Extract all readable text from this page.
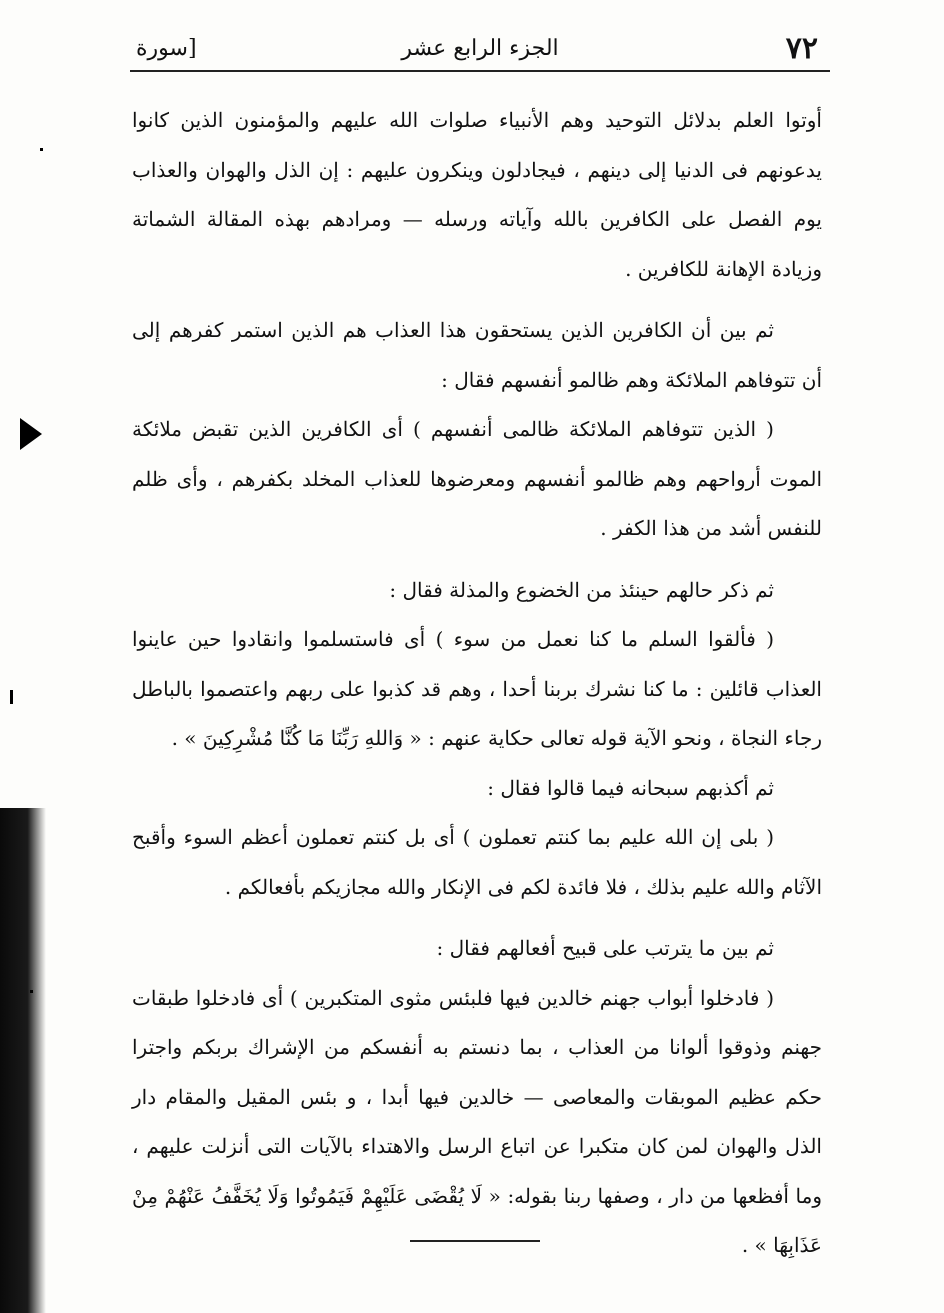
٧٢
الجزء الرابع عشر
[سورة

أوتوا العلم بدلائل التوحيد وهم الأنبياء صلوات الله عليهم والمؤمنون الذين كانوا يدعونهم فى الدنيا إلى دينهم ، فيجادلون وينكرون عليهم : إن الذل والهوان والعذاب يوم الفصل على الكافرين بالله وآياته ورسله — ومرادهم بهذه المقالة الشماتة وزيادة الإهانة للكافرين .

ثم بين أن الكافرين الذين يستحقون هذا العذاب هم الذين استمر كفرهم إلى أن تتوفاهم الملائكة وهم ظالمو أنفسهم فقال :

( الذين تتوفاهم الملائكة ظالمى أنفسهم ) أى الكافرين الذين تقبض ملائكة الموت أرواحهم وهم ظالمو أنفسهم ومعرضوها للعذاب المخلد بكفرهم ، وأى ظلم للنفس أشد من هذا الكفر .

ثم ذكر حالهم حينئذ من الخضوع والمذلة فقال :

( فألقوا السلم ما كنا نعمل من سوء ) أى فاستسلموا وانقادوا حين عاينوا العذاب قائلين : ما كنا نشرك بربنا أحدا ، وهم قد كذبوا على ربهم واعتصموا بالباطل رجاء النجاة ، ونحو الآية قوله تعالى حكاية عنهم : « وَاللهِ رَبِّنَا مَا كُنَّا مُشْرِكِينَ » .

ثم أكذبهم سبحانه فيما قالوا فقال :

( بلى إن الله عليم بما كنتم تعملون ) أى بل كنتم تعملون أعظم السوء وأقبح الآثام والله عليم بذلك ، فلا فائدة لكم فى الإنكار والله مجازيكم بأفعالكم .

ثم بين ما يترتب على قبيح أفعالهم فقال :

( فادخلوا أبواب جهنم خالدين فيها فلبئس مثوى المتكبرين ) أى فادخلوا طبقات جهنم وذوقوا ألوانا من العذاب ، بما دنستم به أنفسكم من الإشراك بربكم واجترا حكم عظيم الموبقات والمعاصى — خالدين فيها أبدا ، و بئس المقيل والمقام دار الذل والهوان لمن كان متكبرا عن اتباع الرسل والاهتداء بالآيات التى أنزلت عليهم ، وما أفظعها من دار ، وصفها ربنا بقوله: « لَا يُقْضَى عَلَيْهِمْ فَيَمُوتُوا وَلَا يُخَفَّفُ عَنْهُمْ مِنْ عَذَابِهَا » .
